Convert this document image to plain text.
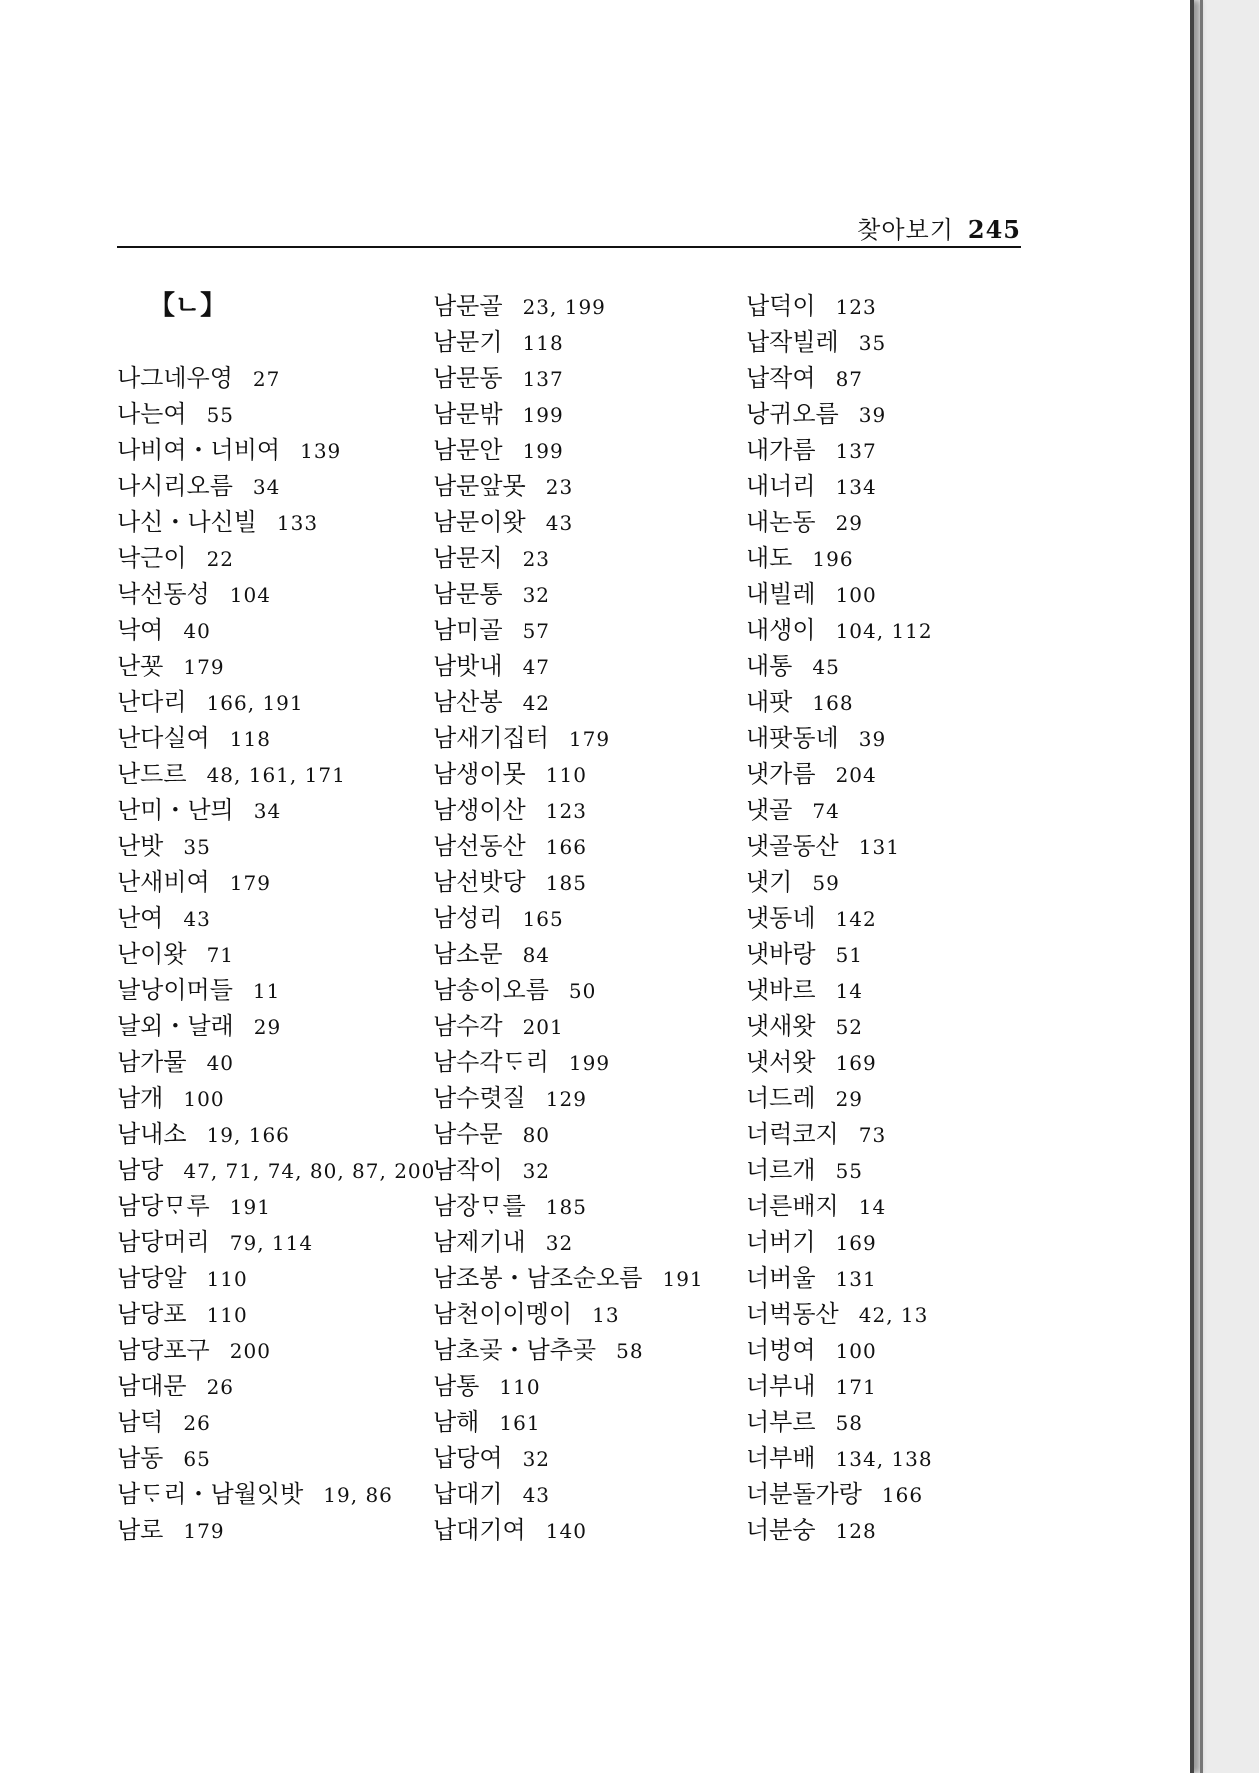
찾아보기 245
【ㄴ】
나그네우영 27
나는여 55
나비여・너비여 139
나시리오름 34
나신・나신빌 133
낙근이 22
낙선동성 104
낙여 40
난꾯 179
난다리 166, 191
난다실여 118
난드르 48, 161, 171
난미・난믜 34
난밧 35
난새비여 179
난여 43
난이왓 71
날낭이머들 11
날외・날래 29
남가물 40
남개 100
남내소 19, 166
남당 47, 71, 74, 80, 87, 200
남당ᄆᆞ루 191
남당머리 79, 114
남당알 110
남당포 110
남당포구 200
남대문 26
남덕 26
남동 65
남ᄃᆞ리・남월잇밧 19, 86
남로 179
남문골 23, 199
남문기 118
남문동 137
남문밖 199
남문안 199
남문앞못 23
남문이왓 43
남문지 23
남문통 32
남미골 57
남밧내 47
남산봉 42
남새기집터 179
남생이못 110
남생이산 123
남선동산 166
남선밧당 185
남성리 165
남소문 84
남송이오름 50
남수각 201
남수각ᄃᆞ리 199
남수렷질 129
남수문 80
남작이 32
남장ᄆᆞ를 185
남제기내 32
남조봉・남조순오름 191
남천이이멩이 13
남초곶・남추곶 58
남통 110
남해 161
납당여 32
납대기 43
납대기여 140
납덕이 123
납작빌레 35
납작여 87
낭귀오름 39
내가름 137
내너리 134
내논동 29
내도 196
내빌레 100
내생이 104, 112
내통 45
내팟 168
내팟동네 39
냇가름 204
냇골 74
냇골동산 131
냇기 59
냇동네 142
냇바랑 51
냇바르 14
냇새왓 52
냇서왓 169
너드레 29
너럭코지 73
너르개 55
너른배지 14
너버기 169
너버울 131
너벅동산 42, 13
너벙여 100
너부내 171
너부르 58
너부배 134, 138
너분돌가랑 166
너분숭 128
